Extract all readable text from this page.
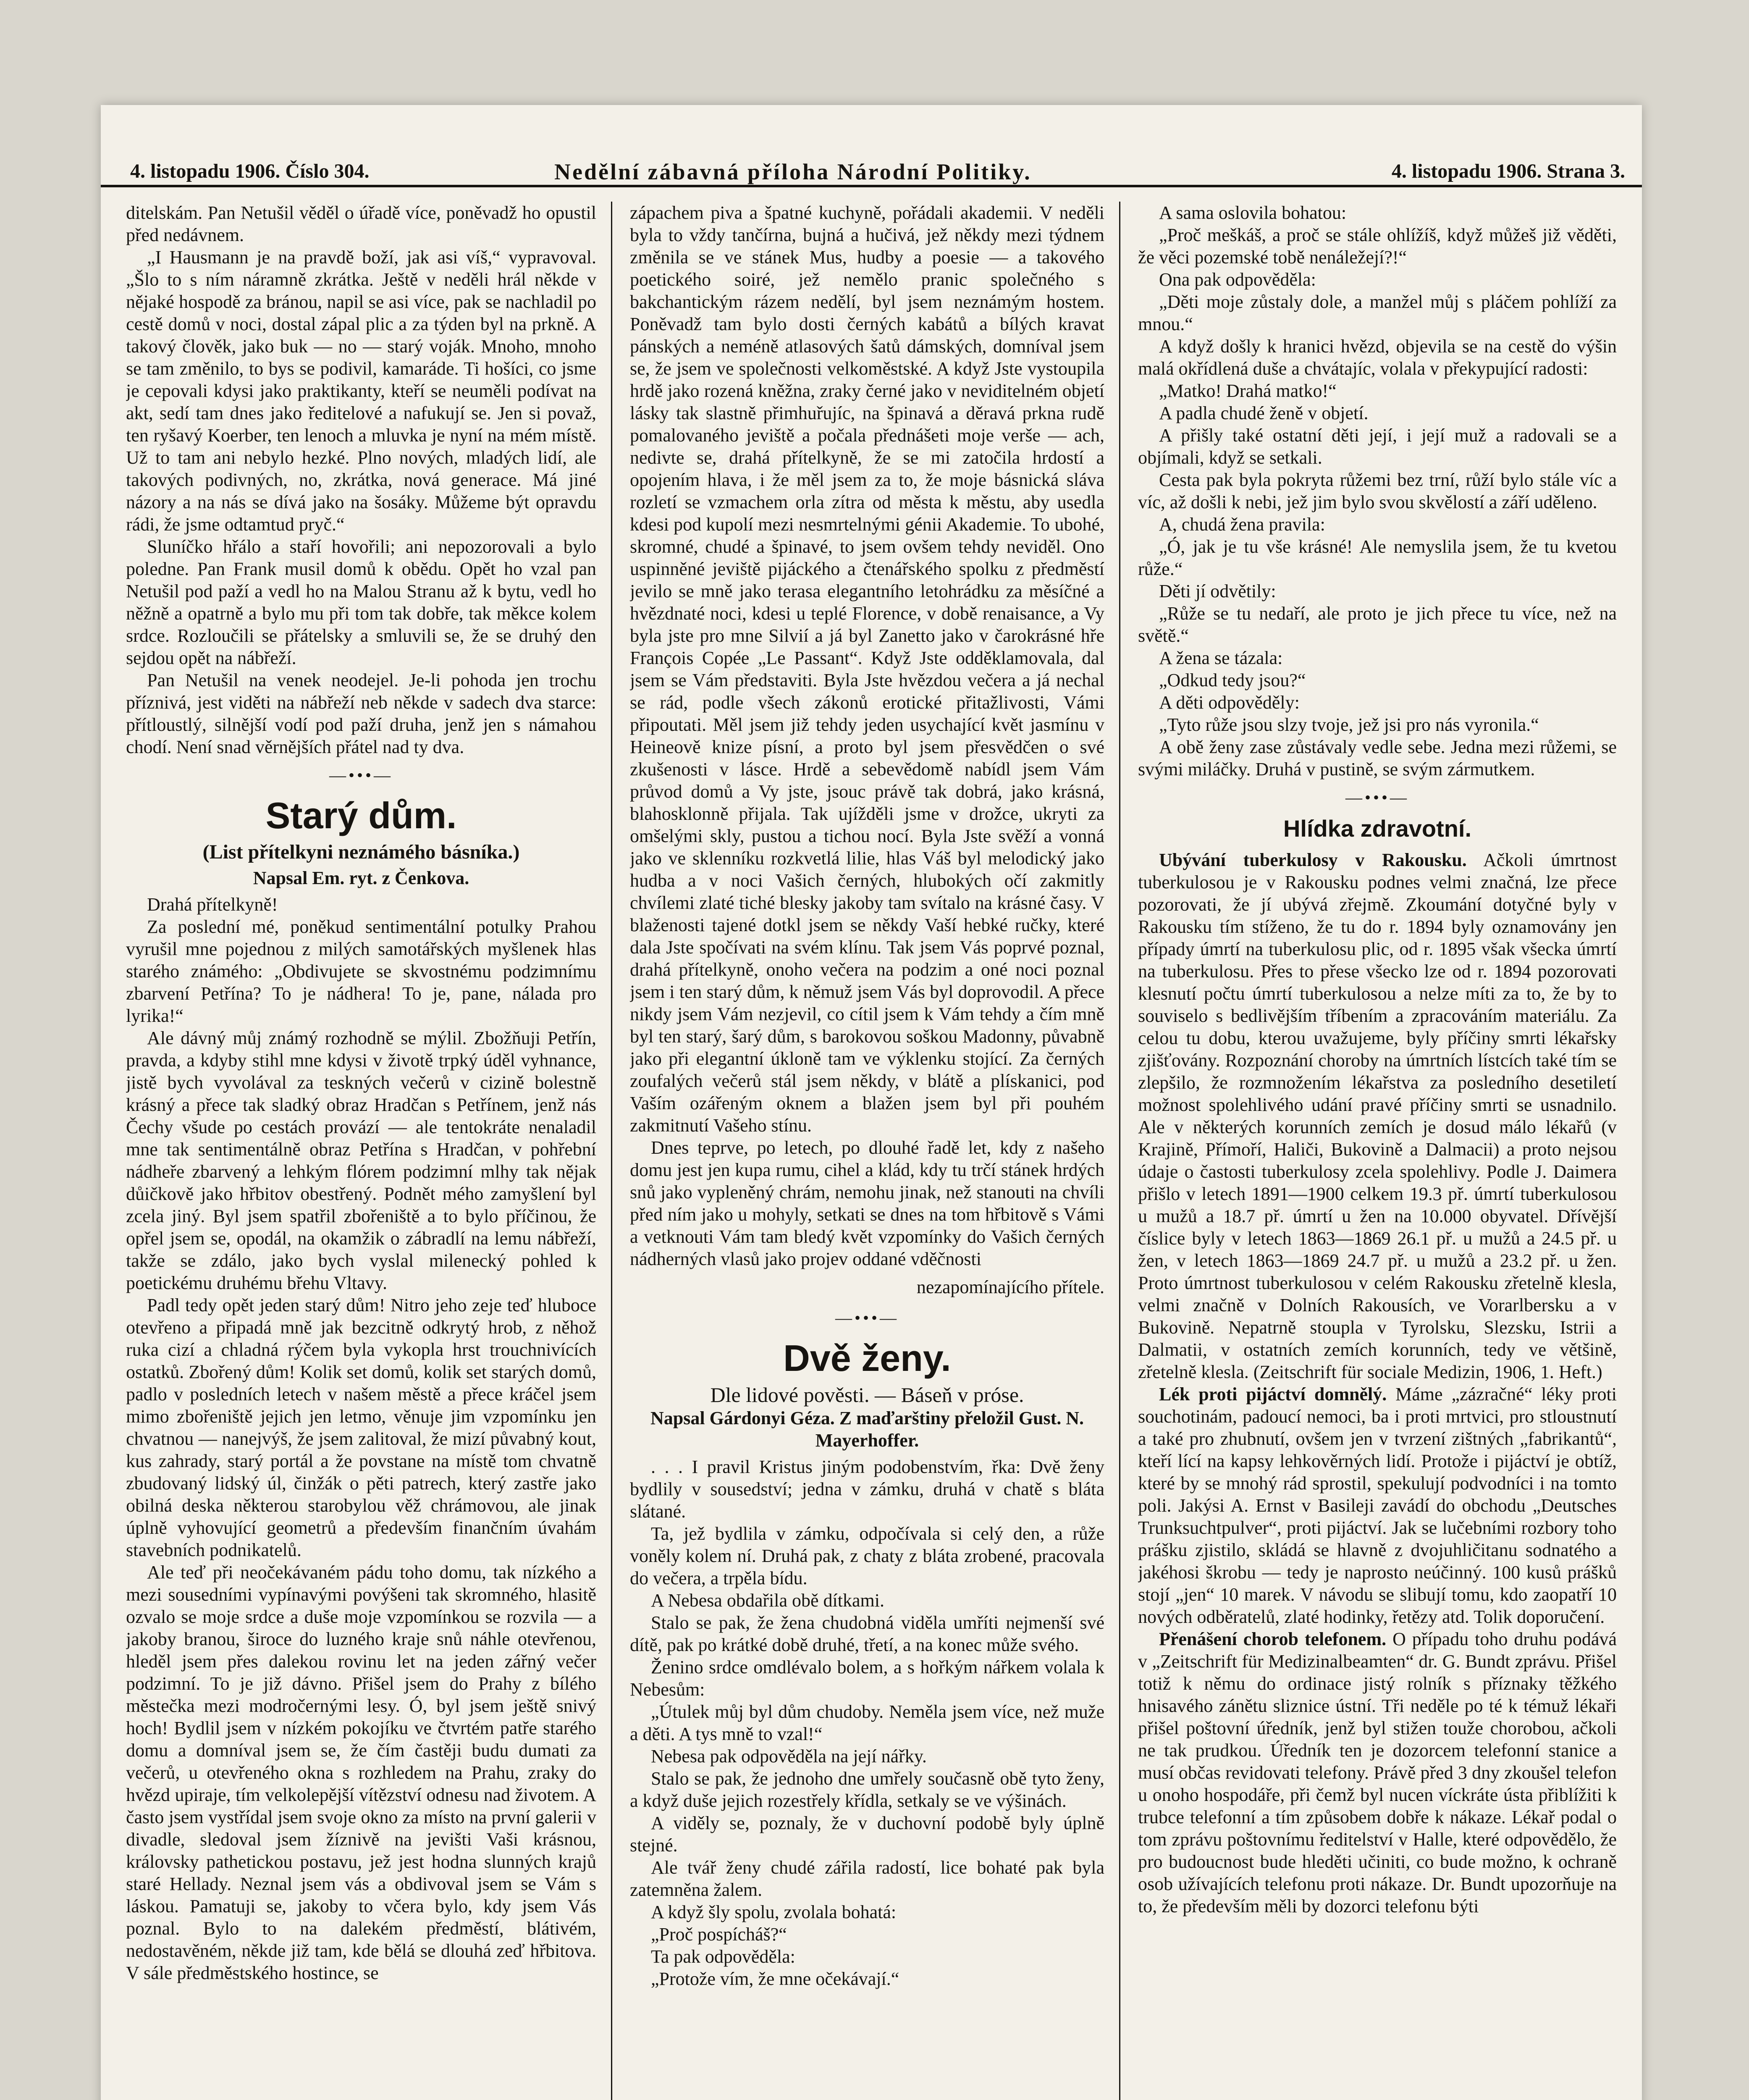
4. listopadu 1906. Číslo 304.	Nedělní zábavná příloha Národní Politiky.	4. listopadu 1906. Strana 3.

ditelskám. Pan Netušil věděl o úřadě více, poněvadž ho opustil před nedávnem.

„I Hausmann je na pravdě boží, jak asi víš,“ vypravoval. „Šlo to s ním náramně zkrátka. Ještě v neděli hrál někde v nějaké hospodě za bránou, napil se asi více, pak se nachladil po cestě domů v noci, dostal zápal plic a za týden byl na prkně. A takový člověk, jako buk — no — starý voják. Mnoho, mnoho se tam změnilo, to bys se podivil, kamaráde. Ti hošíci, co jsme je cepovali kdysi jako praktikanty, kteří se neuměli podívat na akt, sedí tam dnes jako ředitelové a nafukují se. Jen si považ, ten ryšavý Koerber, ten lenoch a mluvka je nyní na mém místě. Už to tam ani nebylo hezké. Plno nových, mladých lidí, ale takových podivných, no, zkrátka, nová generace. Má jiné názory a na nás se dívá jako na šosáky. Můžeme být opravdu rádi, že jsme odtamtud pryč.“

Sluníčko hřálo a staří hovořili; ani nepozorovali a bylo poledne. Pan Frank musil domů k obědu. Opět ho vzal pan Netušil pod paží a vedl ho na Malou Stranu až k bytu, vedl ho něžně a opatrně a bylo mu při tom tak dobře, tak měkce kolem srdce. Rozloučili se přátelsky a smluvili se, že se druhý den sejdou opět na nábřeží.

Pan Netušil na venek neodejel. Je-li pohoda jen trochu příznivá, jest viděti na nábřeží neb někde v sadech dva starce: přítloustlý, silnější vodí pod paží druha, jenž jen s námahou chodí. Není snad věrnějších přátel nad ty dva.

—•••—
Starý dům.
(List přítelkyni neznámého básníka.)
Napsal Em. ryt. z Čenkova.

Drahá přítelkyně!

Za poslední mé, poněkud sentimentální potulky Prahou vyrušil mne pojednou z milých samotářských myšlenek hlas starého známého: „Obdivujete se skvostnému podzimnímu zbarvení Petřína? To je nádhera! To je, pane, nálada pro lyrika!“

Ale dávný můj známý rozhodně se mýlil. Zbožňuji Petřín, pravda, a kdyby stihl mne kdysi v životě trpký úděl vyhnance, jistě bych vyvolával za teskných večerů v cizině bolestně krásný a přece tak sladký obraz Hradčan s Petřínem, jenž nás Čechy všude po cestách provází — ale tentokráte nenaladil mne tak sentimentálně obraz Petřína s Hradčan, v pohřební nádheře zbarvený a lehkým flórem podzimní mlhy tak nějak důičkově jako hřbitov obestřený. Podnět mého zamyšlení byl zcela jiný. Byl jsem spatřil zbořeniště a to bylo příčinou, že opřel jsem se, opodál, na okamžik o zábradlí na lemu nábřeží, takže se zdálo, jako bych vyslal milenecký pohled k poetickému druhému břehu Vltavy.

Padl tedy opět jeden starý dům! Nitro jeho zeje teď hluboce otevřeno a připadá mně jak bezcitně odkrytý hrob, z něhož ruka cizí a chladná rýčem byla vykopla hrst trouchnivících ostatků. Zbořený dům! Kolik set domů, kolik set starých domů, padlo v posledních letech v našem městě a přece kráčel jsem mimo zbořeniště jejich jen letmo, věnuje jim vzpomínku jen chvatnou — nanejvýš, že jsem zalitoval, že mizí půvabný kout, kus zahrady, starý portál a že povstane na místě tom chvatně zbudovaný lidský úl, činžák o pěti patrech, který zastře jako obilná deska některou starobylou věž chrámovou, ale jinak úplně vyhovující geometrů a především finančním úvahám stavebních podnikatelů.

Ale teď při neočekávaném pádu toho domu, tak nízkého a mezi sousedními vypínavými povýšeni tak skromného, hlasitě ozvalo se moje srdce a duše moje vzpomínkou se rozvila — a jakoby branou, široce do luzného kraje snů náhle otevřenou, hleděl jsem přes dalekou rovinu let na jeden zářný večer podzimní. To je již dávno. Přišel jsem do Prahy z bílého městečka mezi modročernými lesy. Ó, byl jsem ještě snivý hoch! Bydlil jsem v nízkém pokojíku ve čtvrtém patře starého domu a domníval jsem se, že čím častěji budu dumati za večerů, u otevřeného okna s rozhledem na Prahu, zraky do hvězd upiraje, tím velkolepější vítězství odnesu nad životem. A často jsem vystřídal jsem svoje okno za místo na první galerii v divadle, sledoval jsem žíznivě na jevišti Vaši krásnou, královsky pathetickou postavu, jež jest hodna slunných krajů staré Hellady. Neznal jsem vás a obdivoval jsem se Vám s láskou. Pamatuji se, jakoby to včera bylo, kdy jsem Vás poznal. Bylo to na dalekém předměstí, blátivém, nedostavěném, někde již tam, kde bělá se dlouhá zeď hřbitova. V sále předměstského hostince, se

zápachem piva a špatné kuchyně, pořádali akademii. V neděli byla to vždy tančírna, bujná a hučivá, jež někdy mezi týdnem změnila se ve stánek Mus, hudby a poesie — a takového poetického soiré, jež nemělo pranic společného s bakchantickým rázem nedělí, byl jsem neznámým hostem. Poněvadž tam bylo dosti černých kabátů a bílých kravat pánských a neméně atlasových šatů dámských, domníval jsem se, že jsem ve společnosti velkoměstské. A když Jste vystoupila hrdě jako rozená kněžna, zraky černé jako v neviditelném objetí lásky tak slastně přimhuřujíc, na špinavá a děravá prkna rudě pomalovaného jeviště a počala přednášeti moje verše — ach, nedivte se, drahá přítelkyně, že se mi zatočila hrdostí a opojením hlava, i že měl jsem za to, že moje básnická sláva rozletí se vzmachem orla zítra od města k městu, aby usedla kdesi pod kupolí mezi nesmrtelnými génii Akademie. To ubohé, skromné, chudé a špinavé, to jsem ovšem tehdy neviděl. Ono uspinněné jeviště pijáckého a čtenářského spolku z předměstí jevilo se mně jako terasa elegantního letohrádku za měsíčné a hvězdnaté noci, kdesi u teplé Florence, v době renaisance, a Vy byla jste pro mne Silvií a já byl Zanetto jako v čarokrásné hře François Copée „Le Passant“. Když Jste odděklamovala, dal jsem se Vám představiti. Byla Jste hvězdou večera a já nechal se rád, podle všech zákonů erotické přitažlivosti, Vámi připoutati. Měl jsem již tehdy jeden usychající květ jasmínu v Heineově knize písní, a proto byl jsem přesvědčen o své zkušenosti v lásce. Hrdě a sebevědomě nabídl jsem Vám průvod domů a Vy jste, jsouc právě tak dobrá, jako krásná, blahosklonně přijala. Tak ujížděli jsme v drožce, ukryti za omšelými skly, pustou a tichou nocí. Byla Jste svěží a vonná jako ve sklenníku rozkvetlá lilie, hlas Váš byl melodický jako hudba a v noci Vašich černých, hlubokých očí zakmitly chvílemi zlaté tiché blesky jakoby tam svítalo na krásné časy. V blaženosti tajené dotkl jsem se někdy Vaší hebké ručky, které dala Jste spočívati na svém klínu. Tak jsem Vás poprvé poznal, drahá přítelkyně, onoho večera na podzim a oné noci poznal jsem i ten starý dům, k němuž jsem Vás byl doprovodil. A přece nikdy jsem Vám nezjevil, co cítil jsem k Vám tehdy a čím mně byl ten starý, šarý dům, s barokovou soškou Madonny, půvabně jako při elegantní úkloně tam ve výklenku stojící. Za černých zoufalých večerů stál jsem někdy, v blátě a plískanici, pod Vaším ozářeným oknem a blažen jsem byl při pouhém zakmitnutí Vašeho stínu.

Dnes teprve, po letech, po dlouhé řadě let, kdy z našeho domu jest jen kupa rumu, cihel a klád, kdy tu trčí stánek hrdých snů jako vypleněný chrám, nemohu jinak, než stanouti na chvíli před ním jako u mohyly, setkati se dnes na tom hřbitově s Vámi a vetknouti Vám tam bledý květ vzpomínky do Vašich černých nádherných vlasů jako projev oddané vděčnosti

nezapomínajícího přítele.
—•••—
Dvě ženy.
Dle lidové pověsti. — Báseň v próse.
Napsal Gárdonyi Géza. Z maďarštiny přeložil Gust. N. Mayerhoffer.

. . . I pravil Kristus jiným podobenstvím, řka: Dvě ženy bydlily v sousedství; jedna v zámku, druhá v chatě s blátа slátané.

Ta, jež bydlila v zámku, odpočívala si celý den, a růže voněly kolem ní. Druhá pak, z chaty z bláta zrobené, pracovala do večera, a trpěla bídu.

A Nebesa obdařila obě dítkami.

Stalo se pak, že žena chudobná viděla umříti nejmenší své dítě, pak po krátké době druhé, třetí, a na konec může svého.

Ženino srdce omdlévalo bolem, a s hořkým nářkem volala k Nebesům:

„Útulek můj byl dům chudoby. Neměla jsem více, než muže a děti. A tys mně to vzal!“

Nebesa pak odpověděla na její nářky.

Stalo se pak, že jednoho dne umřely současně obě tyto ženy, a když duše jejich rozestřely křídla, setkaly se ve výšinách.

A viděly se, poznaly, že v duchovní podobě byly úplně stejné.

Ale tvář ženy chudé zářila radostí, lice bohaté pak byla zatemněna žalem.

A když šly spolu, zvolala bohatá:

„Proč pospícháš?“

Ta pak odpověděla:

„Protože vím, že mne očekávají.“

A sama oslovila bohatou:

„Proč meškáš, a proč se stále ohlížíš, když můžeš již věděti, že věci pozemské tobě nenáležejí?!“

Ona pak odpověděla:

„Děti moje zůstaly dole, a manžel můj s pláčem pohlíží za mnou.“

A když došly k hranici hvězd, objevila se na cestě do výšin malá okřídlená duše a chvátajíc, volala v překypující radosti:

„Matko! Drahá matko!“

A padla chudé ženě v objetí.

A přišly také ostatní děti její, i její muž a radovali se a objímali, když se setkali.

Cesta pak byla pokryta růžemi bez trní, růží bylo stále víc a víc, až došli k nebi, jež jim bylo svou skvělostí a září uděleno.

A, chudá žena pravila:

„Ó, jak je tu vše krásné! Ale nemyslila jsem, že tu kvetou růže.“

Děti jí odvětily:

„Růže se tu nedaří, ale proto je jich přece tu více, než na světě.“

A žena se tázala:

„Odkud tedy jsou?“

A děti odpověděly:

„Tyto růže jsou slzy tvoje, jež jsi pro nás vyronila.“

A obě ženy zase zůstávaly vedle sebe. Jedna mezi růžemi, se svými miláčky. Druhá v pustině, se svým zármutkem.

—•••—
Hlídka zdravotní.

Ubývání tuberkulosy v Rakousku. Ačkoli úmrtnost tuberkulosou je v Rakousku podnes velmi značná, lze přece pozorovati, že jí ubývá zřejmě. Zkoumání dotyčné byly v Rakousku tím stíženo, že tu do r. 1894 byly oznamovány jen případy úmrtí na tuberkulosu plic, od r. 1895 však všecka úmrtí na tuberkulosu. Přes to přese všecko lze od r. 1894 pozorovati klesnutí počtu úmrtí tuberkulosou a nelze míti za to, že by to souviselo s bedlivějším tříbením a zpracováním materiálu. Za celou tu dobu, kterou uvažujeme, byly příčiny smrti lékařsky zjišťovány. Rozpoznání choroby na úmrtních lístcích také tím se zlepšilo, že rozmnožením lékařstva za posledního desetiletí možnost spolehlivého udání pravé příčiny smrti se usnadnilo. Ale v některých korunních zemích je dosud málo lékařů (v Krajině, Přímoří, Haliči, Bukovině a Dalmacii) a proto nejsou údaje o častosti tuberkulosy zcela spolehlivy. Podle J. Daimera přišlo v letech 1891—1900 celkem 19.3 př. úmrtí tuberkulosou u mužů a 18.7 př. úmrtí u žen na 10.000 obyvatel. Dřívější číslice byly v letech 1863—1869 26.1 př. u mužů a 24.5 př. u žen, v letech 1863—1869 24.7 př. u mužů a 23.2 př. u žen. Proto úmrtnost tuberkulosou v celém Rakousku zřetelně klesla, velmi značně v Dolních Rakousích, ve Vorarlbersku a v Bukovině. Nepatrně stoupla v Tyrolsku, Slezsku, Istrii a Dalmatii, v ostatních zemích korunních, tedy ve většině, zřetelně klesla. (Zeitschrift für sociale Medizin, 1906, 1. Heft.)

Lék proti pijáctví domnělý. Máme „zázračné“ léky proti souchotinám, padoucí nemoci, ba i proti mrtvici, pro stloustnutí a také pro zhubnutí, ovšem jen v tvrzení zištných „fabrikantů“, kteří lící na kapsy lehkověrných lidí. Protože i pijáctví je obtíž, které by se mnohý rád sprostil, spekulují podvodníci i na tomto poli. Jakýsi A. Ernst v Basileji zavádí do obchodu „Deutsches Trunksuchtpulver“, proti pijáctví. Jak se lučebními rozbory toho prášku zjistilo, skládá se hlavně z dvojuhličitanu sodnatého a jakéhosi škrobu — tedy je naprosto neúčinný. 100 kusů prášků stojí „jen“ 10 marek. V návodu se slibují tomu, kdo zaopatří 10 nových odběratelů, zlaté hodinky, řetězy atd. Tolik doporučení.

Přenášení chorob telefonem. O případu toho druhu podává v „Zeitschrift für Medizinalbeamten“ dr. G. Bundt zprávu. Přišel totiž k němu do ordinace jistý rolník s příznaky těžkého hnisavého zánětu sliznice ústní. Tři neděle po té k témuž lékaři přišel poštovní úředník, jenž byl stižen touže chorobou, ačkoli ne tak prudkou. Úředník ten je dozorcem telefonní stanice a musí občas revidovati telefony. Právě před 3 dny zkoušel telefon u onoho hospodáře, při čemž byl nucen víckráte ústa přiblížiti k trubce telefonní a tím způsobem dobře k nákaze. Lékař podal o tom zprávu poštovnímu ředitelství v Halle, které odpovědělo, že pro budoucnost bude hleděti učiniti, co bude možno, k ochraně osob užívajících telefonu proti nákaze. Dr. Bundt upozorňuje na to, že především měli by dozorci telefonu býti
